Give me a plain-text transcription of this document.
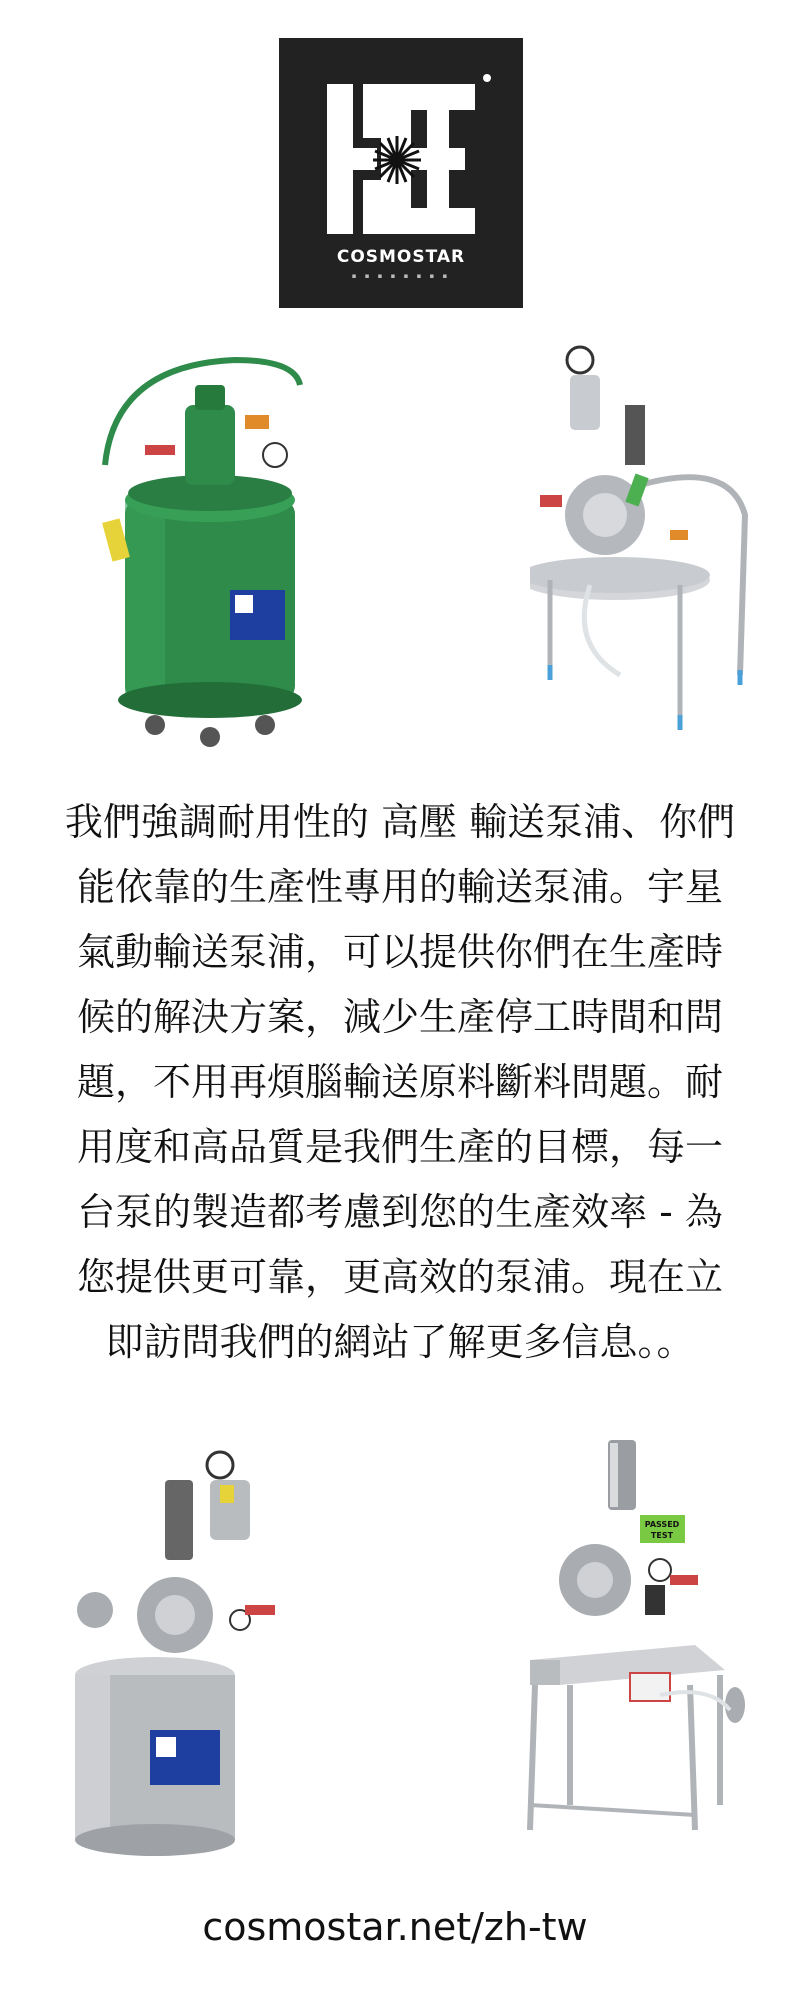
COSMOSTAR
▪ ▪ ▪ ▪ ▪ ▪ ▪ ▪
我們強調耐用性的 高壓 輸送泵浦、你們
能依靠的生產性專用的輸送泵浦。宇星
氣動輸送泵浦，可以提供你們在生產時
候的解決方案，減少生產停工時間和問
題，不用再煩腦輸送原料斷料問題。耐
用度和高品質是我們生產的目標，每一
台泵的製造都考慮到您的生產效率 - 為
您提供更可靠，更高效的泵浦。現在立
即訪問我們的網站了解更多信息。。
PASSED
TEST
cosmostar.net/zh-tw
